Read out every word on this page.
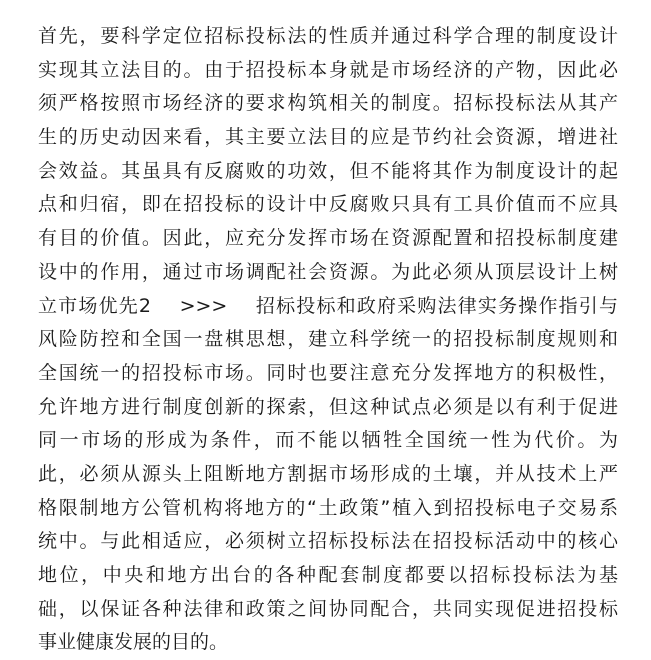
首先，要科学定位招标投标法的性质并通过科学合理的制度设计
实现其立法目的。由于招投标本身就是市场经济的产物，因此必
须严格按照市场经济的要求构筑相关的制度。招标投标法从其产
生的历史动因来看，其主要立法目的应是节约社会资源，增进社
会效益。其虽具有反腐败的功效，但不能将其作为制度设计的起
点和归宿，即在招投标的设计中反腐败只具有工具价值而不应具
有目的价值。因此，应充分发挥市场在资源配置和招投标制度建
设中的作用，通过市场调配社会资源。为此必须从顶层设计上树
立市场优先2　 >>>　 招标投标和政府采购法律实务操作指引与
风险防控和全国一盘棋思想，建立科学统一的招投标制度规则和
全国统一的招投标市场。同时也要注意充分发挥地方的积极性，
允许地方进行制度创新的探索，但这种试点必须是以有利于促进
同一市场的形成为条件，而不能以牺牲全国统一性为代价。为
此，必须从源头上阻断地方割据市场形成的土壤，并从技术上严
格限制地方公管机构将地方的“土政策”植入到招投标电子交易系
统中。与此相适应，必须树立招标投标法在招投标活动中的核心
地位，中央和地方出台的各种配套制度都要以招标投标法为基
础，以保证各种法律和政策之间协同配合，共同实现促进招投标
事业健康发展的目的。
